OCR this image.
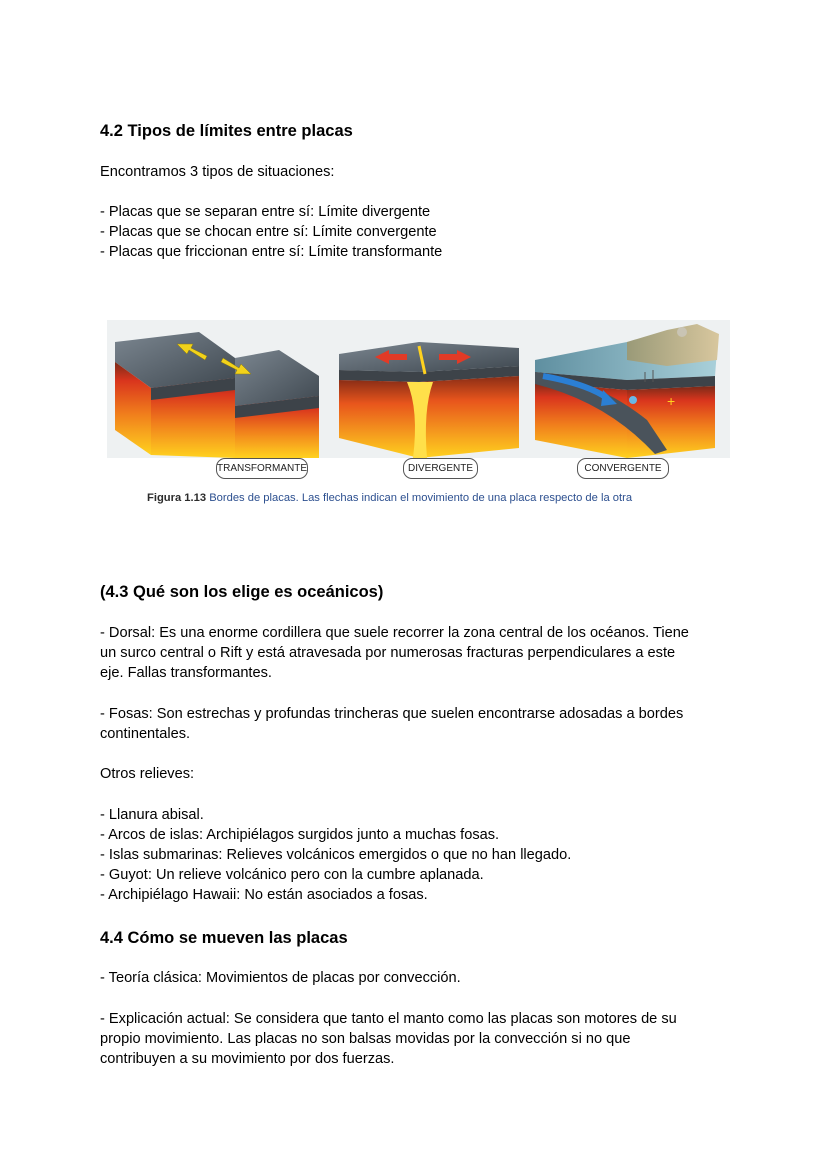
4.2 Tipos de límites entre placas

Encontramos 3 tipos de situaciones:

- Placas que se separan entre sí: Límite divergente

- Placas que se chocan entre sí: Límite convergente

- Placas que friccionan entre sí: Límite transformante

+
TRANSFORMANTE	DIVERGENTE	CONVERGENTE
Figura 1.13 Bordes de placas. Las flechas indican el movimiento de una placa respecto de la otra
(4.3 Qué son los elige es oceánicos)

- Dorsal: Es una enorme cordillera que suele recorrer la zona central de los océanos. Tiene

un surco central o Rift y está atravesada por numerosas fracturas perpendiculares a este

eje. Fallas transformantes.

- Fosas: Son estrechas y profundas trincheras que suelen encontrarse adosadas a bordes

continentales.

Otros relieves:

- Llanura abisal.

- Arcos de islas: Archipiélagos surgidos junto a muchas fosas.

- Islas submarinas: Relieves volcánicos emergidos o que no han llegado.

- Guyot: Un relieve volcánico pero con la cumbre aplanada.

- Archipiélago Hawaii: No están asociados a fosas.

4.4 Cómo se mueven las placas

- Teoría clásica: Movimientos de placas por convección.

- Explicación actual: Se considera que tanto el manto como las placas son motores de su

propio movimiento. Las placas no son balsas movidas por la convección si no que

contribuyen a su movimiento por dos fuerzas.
